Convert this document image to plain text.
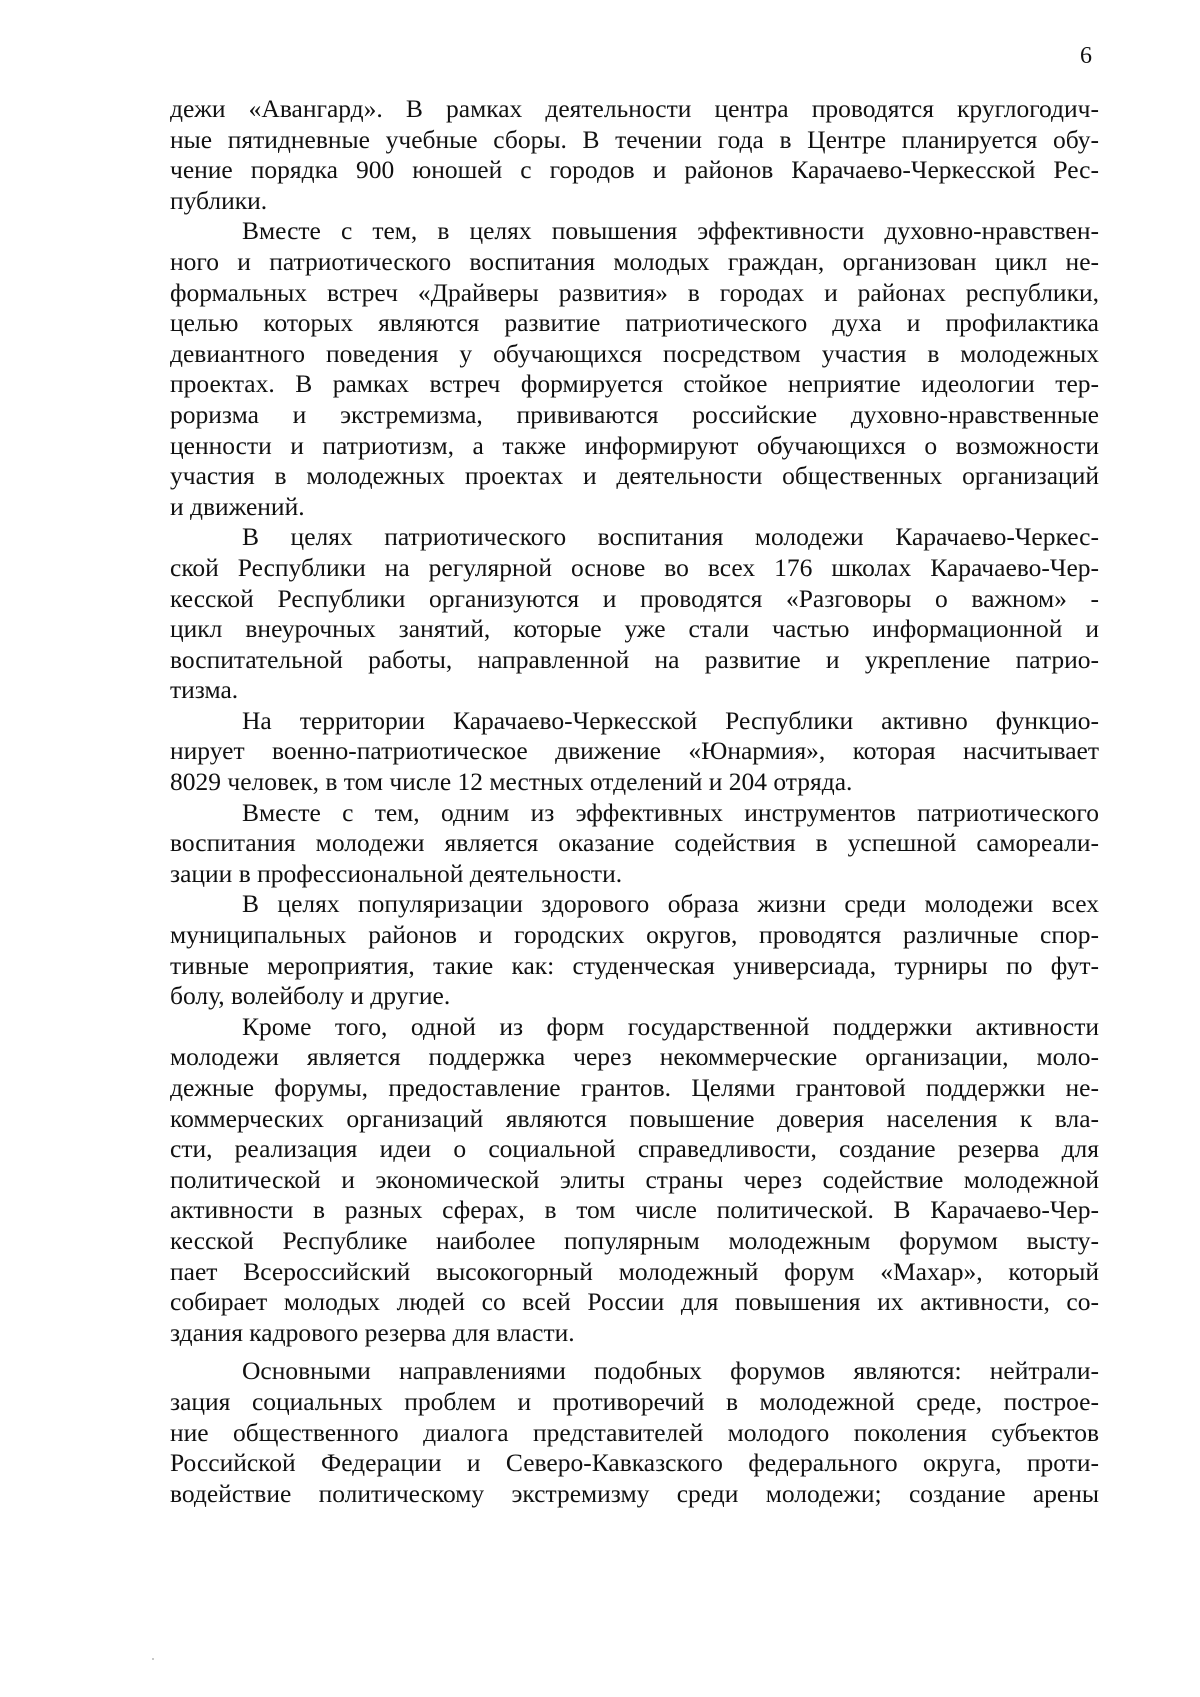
6
дежи «Авангард». В рамках деятельности центра проводятся круглогодич-
ные пятидневные учебные сборы. В течении года в Центре планируется обу-
чение порядка 900 юношей с городов и районов Карачаево-Черкесской Рес-
публики.
Вместе с тем, в целях повышения эффективности духовно-нравствен-
ного и патриотического воспитания молодых граждан, организован цикл не-
формальных встреч «Драйверы развития» в городах и районах республики,
целью которых являются развитие патриотического духа и профилактика
девиантного поведения у обучающихся посредством участия в молодежных
проектах. В рамках встреч формируется стойкое неприятие идеологии тер-
роризма и экстремизма, прививаются российские духовно-нравственные
ценности и патриотизм, а также информируют обучающихся о возможности
участия в молодежных проектах и деятельности общественных организаций
и движений.
В целях патриотического воспитания молодежи Карачаево-Черкес-
ской Республики на регулярной основе во всех 176 школах Карачаево-Чер-
кесской Республики организуются и проводятся «Разговоры о важном» -
цикл внеурочных занятий, которые уже стали частью информационной и
воспитательной работы, направленной на развитие и укрепление патрио-
тизма.
На территории Карачаево-Черкесской Республики активно функцио-
нирует военно-патриотическое движение «Юнармия», которая насчитывает
8029 человек, в том числе 12 местных отделений и 204 отряда.
Вместе с тем, одним из эффективных инструментов патриотического
воспитания молодежи является оказание содействия в успешной самореали-
зации в профессиональной деятельности.
В целях популяризации здорового образа жизни среди молодежи всех
муниципальных районов и городских округов, проводятся различные спор-
тивные мероприятия, такие как: студенческая универсиада, турниры по фут-
болу, волейболу и другие.
Кроме того, одной из форм государственной поддержки активности
молодежи является поддержка через некоммерческие организации, моло-
дежные форумы, предоставление грантов. Целями грантовой поддержки не-
коммерческих организаций являются повышение доверия населения к вла-
сти, реализация идеи о социальной справедливости, создание резерва для
политической и экономической элиты страны через содействие молодежной
активности в разных сферах, в том числе политической. В Карачаево-Чер-
кесской Республике наиболее популярным молодежным форумом высту-
пает Всероссийский высокогорный молодежный форум «Махар», который
собирает молодых людей со всей России для повышения их активности, со-
здания кадрового резерва для власти.
Основными направлениями подобных форумов являются: нейтрали-
зация социальных проблем и противоречий в молодежной среде, построе-
ние общественного диалога представителей молодого поколения субъектов
Российской Федерации и Северо-Кавказского федерального округа, проти-
водействие политическому экстремизму среди молодежи; создание арены
